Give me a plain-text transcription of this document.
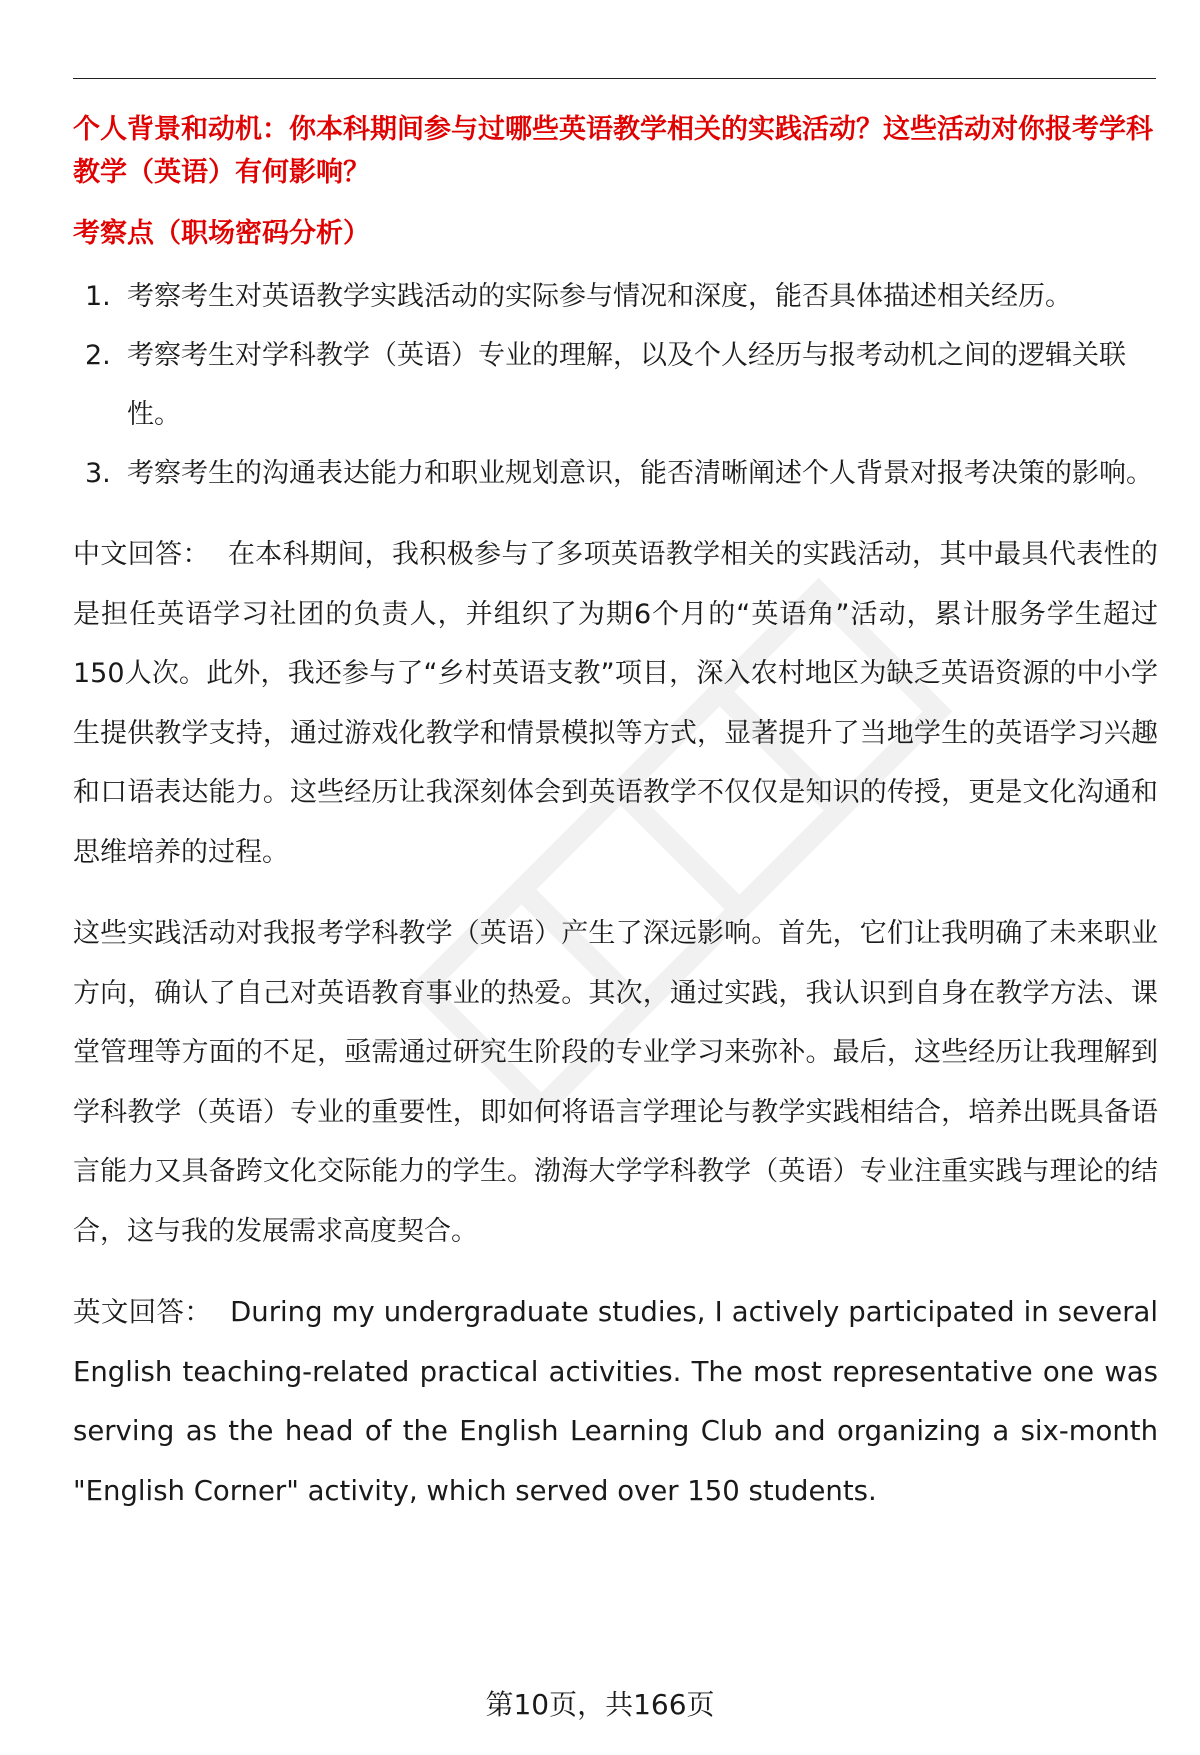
个人背景和动机：你本科期间参与过哪些英语教学相关的实践活动？这些活动对你报考学科教学（英语）有何影响？

考察点（职场密码分析）

1. 考察考生对英语教学实践活动的实际参与情况和深度，能否具体描述相关经历。
2. 考察考生对学科教学（英语）专业的理解，以及个人经历与报考动机之间的逻辑关联性。
3. 考察考生的沟通表达能力和职业规划意识，能否清晰阐述个人背景对报考决策的影响。

中文回答： 在本科期间，我积极参与了多项英语教学相关的实践活动，其中最具代表性的是担任英语学习社团的负责人，并组织了为期6个月的“英语角”活动，累计服务学生超过150人次。此外，我还参与了“乡村英语支教”项目，深入农村地区为缺乏英语资源的中小学生提供教学支持，通过游戏化教学和情景模拟等方式，显著提升了当地学生的英语学习兴趣和口语表达能力。这些经历让我深刻体会到英语教学不仅仅是知识的传授，更是文化沟通和思维培养的过程。

这些实践活动对我报考学科教学（英语）产生了深远影响。首先，它们让我明确了未来职业方向，确认了自己对英语教育事业的热爱。其次，通过实践，我认识到自身在教学方法、课堂管理等方面的不足，亟需通过研究生阶段的专业学习来弥补。最后，这些经历让我理解到学科教学（英语）专业的重要性，即如何将语言学理论与教学实践相结合，培养出既具备语言能力又具备跨文化交际能力的学生。渤海大学学科教学（英语）专业注重实践与理论的结合，这与我的发展需求高度契合。

英文回答： During my undergraduate studies, I actively participated in several English teaching-related practical activities. The most representative one was serving as the head of the English Learning Club and organizing a six-month "English Corner" activity, which served over 150 students.

第10页，共166页
